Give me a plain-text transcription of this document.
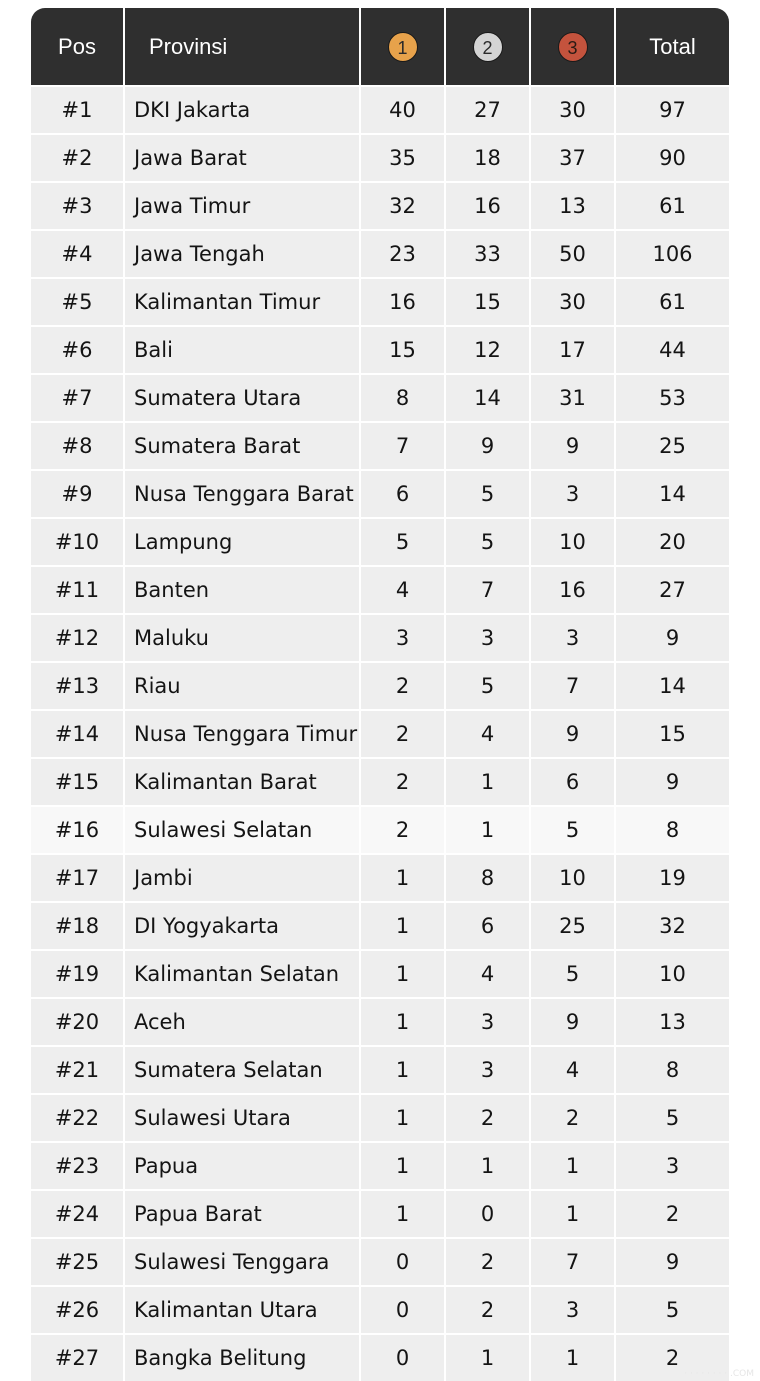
Pos	Provinsi	1	2	3	Total
#1	DKI Jakarta	40	27	30	97
#2	Jawa Barat	35	18	37	90
#3	Jawa Timur	32	16	13	61
#4	Jawa Tengah	23	33	50	106
#5	Kalimantan Timur	16	15	30	61
#6	Bali	15	12	17	44
#7	Sumatera Utara	8	14	31	53
#8	Sumatera Barat	7	9	9	25
#9	Nusa Tenggara Barat	6	5	3	14
#10	Lampung	5	5	10	20
#11	Banten	4	7	16	27
#12	Maluku	3	3	3	9
#13	Riau	2	5	7	14
#14	Nusa Tenggara Timur	2	4	9	15
#15	Kalimantan Barat	2	1	6	9
#16	Sulawesi Selatan	2	1	5	8
#17	Jambi	1	8	10	19
#18	DI Yogyakarta	1	6	25	32
#19	Kalimantan Selatan	1	4	5	10
#20	Aceh	1	3	9	13
#21	Sumatera Selatan	1	3	4	8
#22	Sulawesi Utara	1	2	2	5
#23	Papua	1	1	1	3
#24	Papua Barat	1	0	1	2
#25	Sulawesi Tenggara	0	2	7	9
#26	Kalimantan Utara	0	2	3	5
#27	Bangka Belitung	0	1	1	2
· · · · · · · · .COM
